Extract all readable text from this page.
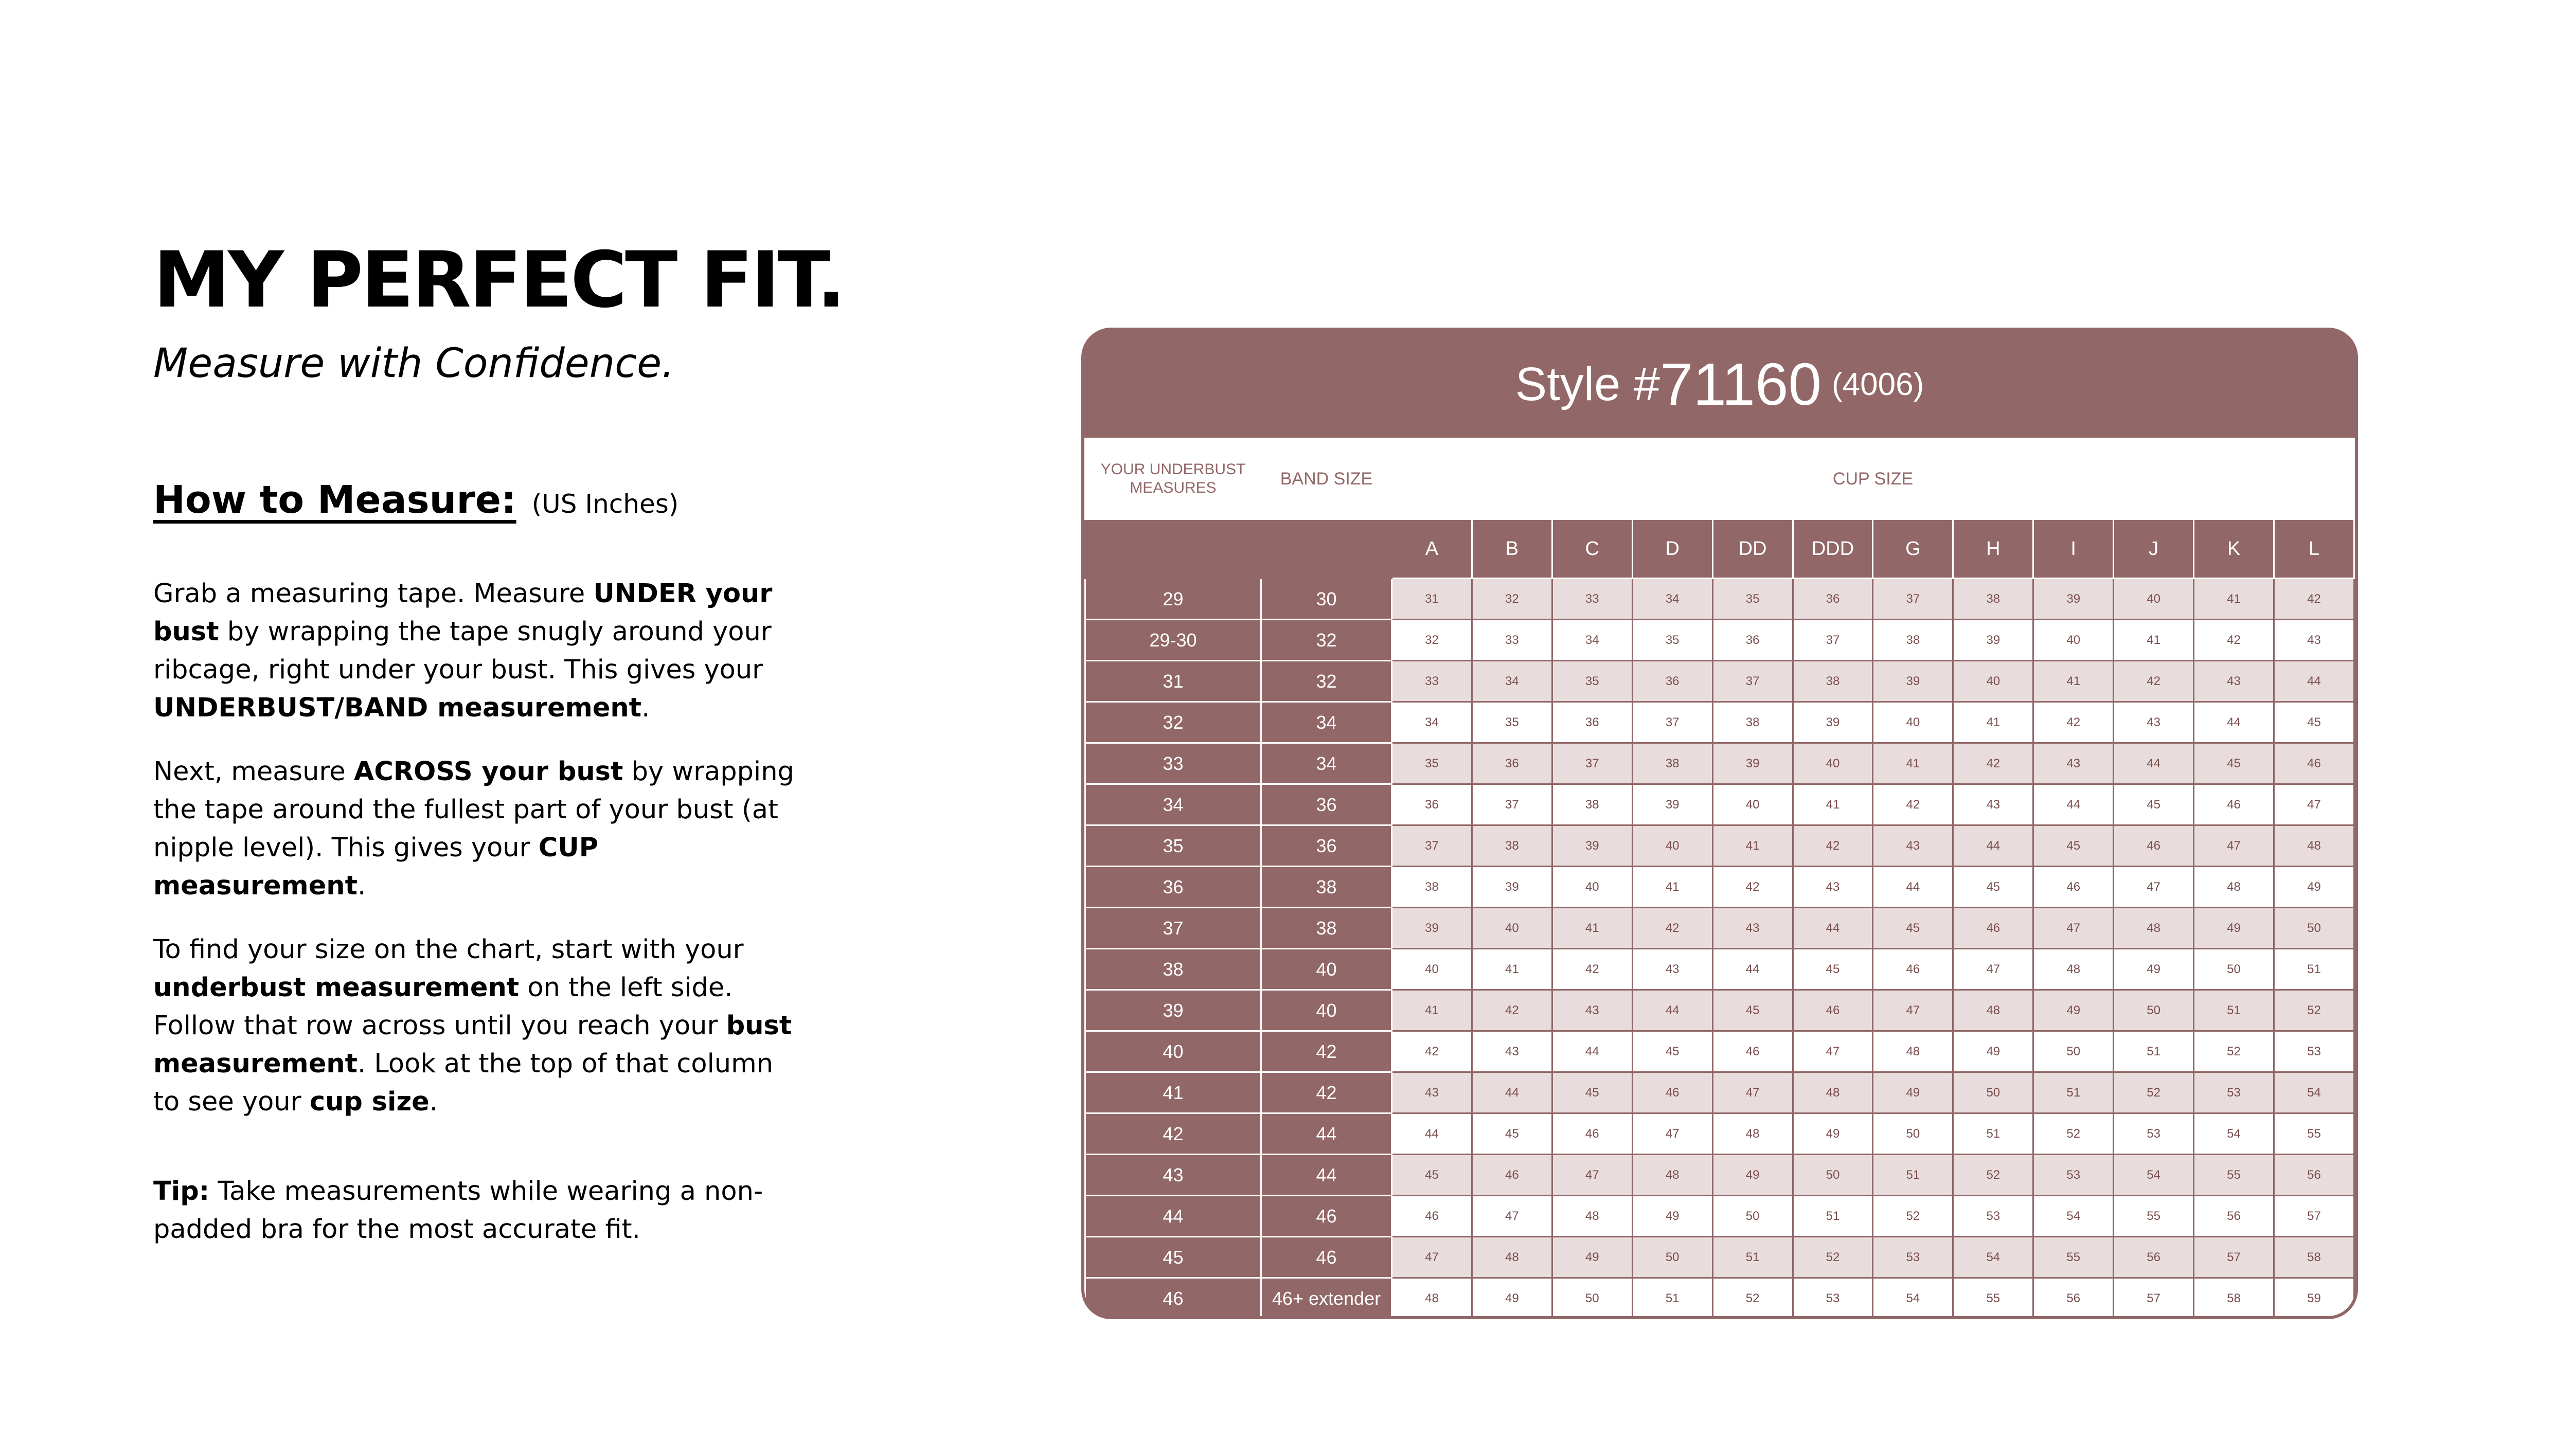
MY PERFECT FIT.
Measure with Confidence.
How to Measure: (US Inches)

Grab a measuring tape. Measure UNDER your bust by wrapping the tape snugly around your ribcage, right under your bust. This gives your UNDERBUST/BAND measurement.

Next, measure ACROSS your bust by wrapping the tape around the fullest part of your bust (at nipple level). This gives your CUP measurement.

To find your size on the chart, start with your underbust measurement on the left side. Follow that row across until you reach your bust measurement. Look at the top of that column to see your cup size.

Tip: Take measurements while wearing a non-padded bra for the most accurate fit.

Style # 71160 (4006)
YOUR UNDERBUST MEASURES	BAND SIZE	CUP SIZE											
		A	B	C	D	DD	DDD	G	H	I	J	K	L
29	30	31	32	33	34	35	36	37	38	39	40	41	42
29-30	32	32	33	34	35	36	37	38	39	40	41	42	43
31	32	33	34	35	36	37	38	39	40	41	42	43	44
32	34	34	35	36	37	38	39	40	41	42	43	44	45
33	34	35	36	37	38	39	40	41	42	43	44	45	46
34	36	36	37	38	39	40	41	42	43	44	45	46	47
35	36	37	38	39	40	41	42	43	44	45	46	47	48
36	38	38	39	40	41	42	43	44	45	46	47	48	49
37	38	39	40	41	42	43	44	45	46	47	48	49	50
38	40	40	41	42	43	44	45	46	47	48	49	50	51
39	40	41	42	43	44	45	46	47	48	49	50	51	52
40	42	42	43	44	45	46	47	48	49	50	51	52	53
41	42	43	44	45	46	47	48	49	50	51	52	53	54
42	44	44	45	46	47	48	49	50	51	52	53	54	55
43	44	45	46	47	48	49	50	51	52	53	54	55	56
44	46	46	47	48	49	50	51	52	53	54	55	56	57
45	46	47	48	49	50	51	52	53	54	55	56	57	58
46	46+ extender	48	49	50	51	52	53	54	55	56	57	58	59
